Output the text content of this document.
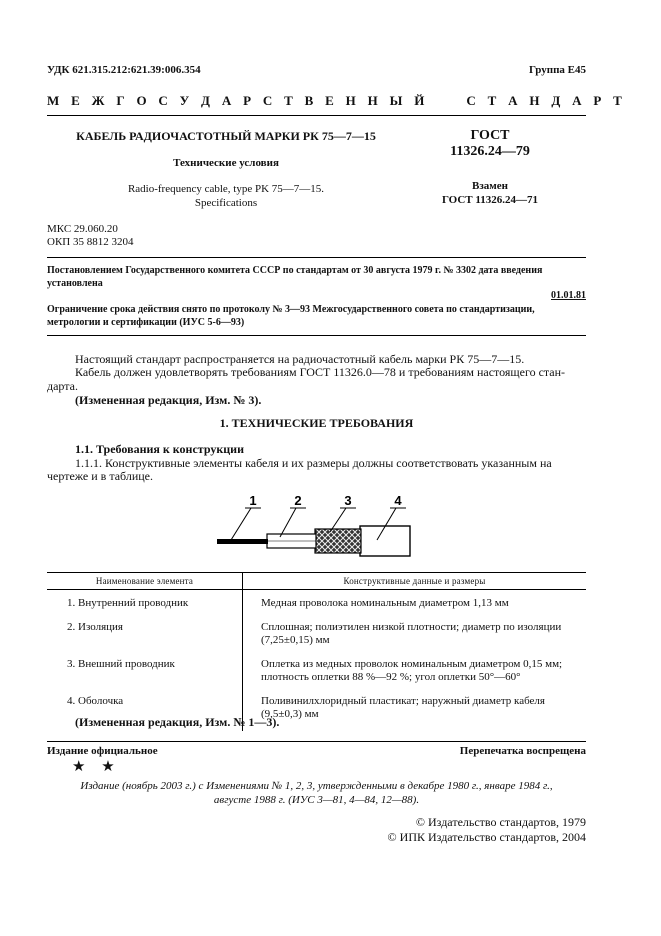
УДК 621.315.212:621.39:006.354	Группа Е45
М Е Ж Г О С У Д А Р С Т В Е Н Н Ы Й     С Т А Н Д А Р Т
КАБЕЛЬ РАДИОЧАСТОТНЫЙ МАРКИ РК 75—7—15
Технические условия
Radio-frequency cable, type PK 75—7—15.
Specifications
ГОСТ
11326.24—79
Взамен
ГОСТ 11326.24—71
МКС 29.060.20
ОКП 35 8812 3204
Постановлением Государственного комитета СССР по стандартам от 30 августа 1979 г. № 3302 дата введения
установлена
01.01.81
Ограничение срока действия снято по протоколу № 3—93 Межгосударственного совета по стандартизации,
метрологии и сертификации (ИУС 5-6—93)
Настоящий стандарт распространяется на радиочастотный кабель марки РК 75—7—15.
Кабель должен удовлетворять требованиям ГОСТ 11326.0—78 и требованиям настоящего стан-
дарта.
(Измененная редакция, Изм. № 3).
1. ТЕХНИЧЕСКИЕ ТРЕБОВАНИЯ
1.1. Требования к конструкции
1.1.1. Конструктивные элементы кабеля и их размеры должны соответствовать указанным на
чертеже и в таблице.
1	2	3	4
Наименование элемента	Конструктивные данные и размеры
1. Внутренний проводник	Медная проволока номинальным диаметром 1,13 мм
2. Изоляция	Сплошная; полиэтилен низкой плотности; диаметр по изоляции
(7,25±0,15) мм
3. Внешний проводник	Оплетка из медных проволок номинальным диаметром 0,15 мм;
плотность оплетки 88 %—92 %; угол оплетки 50°—60°
4. Оболочка	Поливинилхлоридный пластикат; наружный диаметр кабеля
(9,5±0,3) мм
(Измененная редакция, Изм. № 1—3).
Издание официальное	Перепечатка воспрещена
★ ★
Издание (ноябрь 2003 г.) с Изменениями № 1, 2, 3, утвержденными в декабре 1980 г., январе 1984 г.,
августе 1988 г. (ИУС 3—81, 4—84, 12—88).
© Издательство стандартов, 1979
© ИПК Издательство стандартов, 2004
